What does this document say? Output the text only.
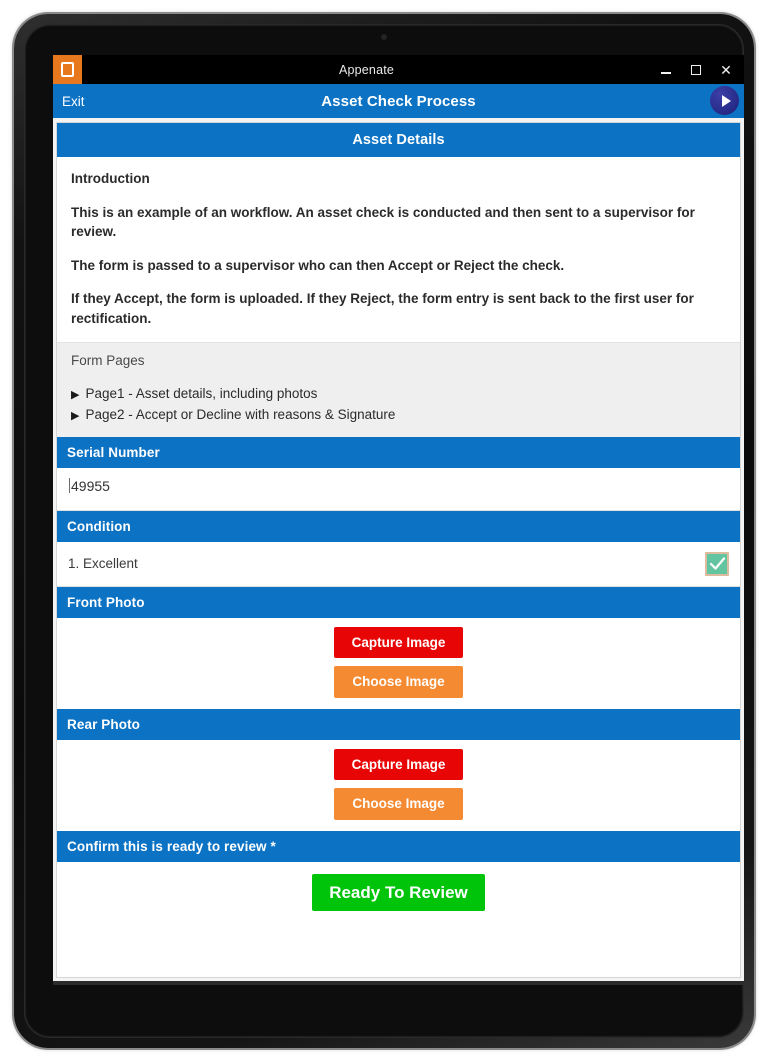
Appenate	✕
Exit	Asset Check Process
Asset Details

Introduction

This is an example of an workflow. An asset check is conducted and then sent to a supervisor for review.

The form is passed to a supervisor who can then Accept or Reject the check.

If they Accept, the form is uploaded. If they Reject, the form entry is sent back to the first user for rectification.

Form Pages
▶ Page1 - Asset details, including photos
▶ Page2 - Accept or Decline with reasons & Signature
Serial Number
49955
Condition
1. Excellent
Front Photo
Capture Image
Choose Image
Rear Photo
Capture Image
Choose Image
Confirm this is ready to review *
Ready To Review
